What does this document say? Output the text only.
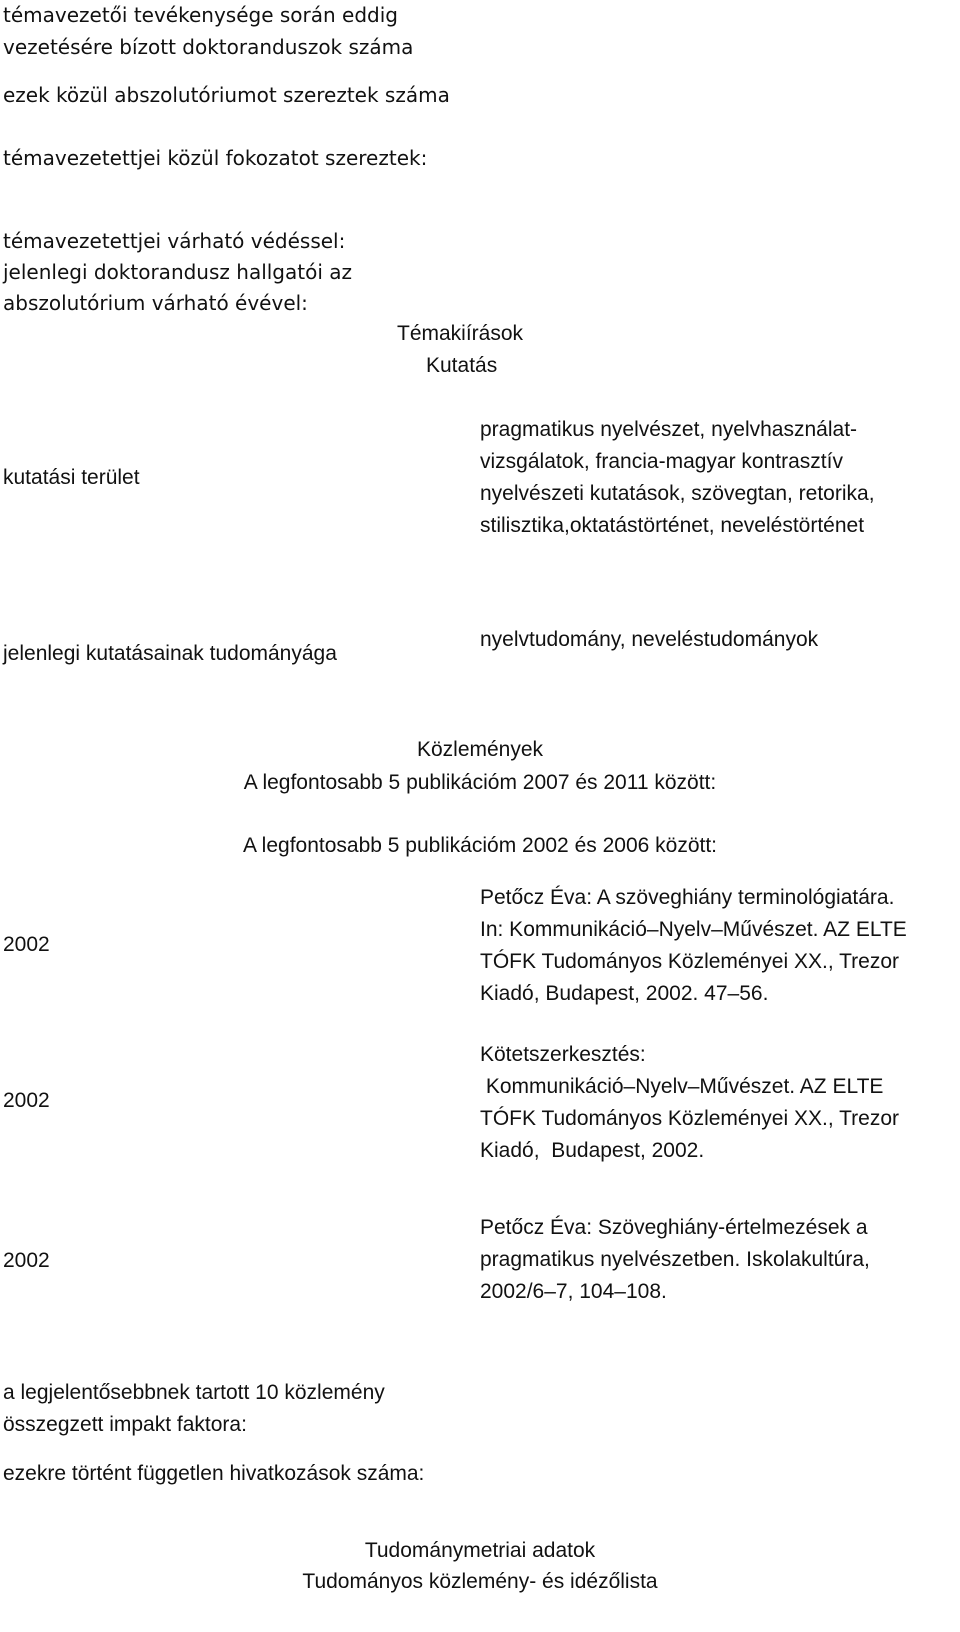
témavezetői tevékenysége során eddig
vezetésére bízott doktoranduszok száma
ezek közül abszolutóriumot szereztek száma
témavezetettjei közül fokozatot szereztek:
témavezetettjei várható védéssel:
jelenlegi doktorandusz hallgatói az
abszolutórium várható évével:
Témakiírások
Kutatás
kutatási terület
pragmatikus nyelvészet, nyelvhasználat-
vizsgálatok, francia-magyar kontrasztív
nyelvészeti kutatások, szövegtan, retorika,
stilisztika,oktatástörténet, neveléstörténet
jelenlegi kutatásainak tudományága
nyelvtudomány, neveléstudományok
Közlemények
A legfontosabb 5 publikációm 2007 és 2011 között:
A legfontosabb 5 publikációm 2002 és 2006 között:
2002
Petőcz Éva: A szöveghiány terminológiatára.
In: Kommunikáció–Nyelv–Művészet. AZ ELTE
TÓFK Tudományos Közleményei XX., Trezor
Kiadó, Budapest, 2002. 47–56.
2002
Kötetszerkesztés:
Kommunikáció–Nyelv–Művészet. AZ ELTE
TÓFK Tudományos Közleményei XX., Trezor
Kiadó,  Budapest, 2002.
2002
Petőcz Éva: Szöveghiány-értelmezések a
pragmatikus nyelvészetben. Iskolakultúra,
2002/6–7, 104–108.
a legjelentősebbnek tartott 10 közlemény
összegzett impakt faktora:
ezekre történt független hivatkozások száma:
Tudománymetriai adatok
Tudományos közlemény- és idézőlista
